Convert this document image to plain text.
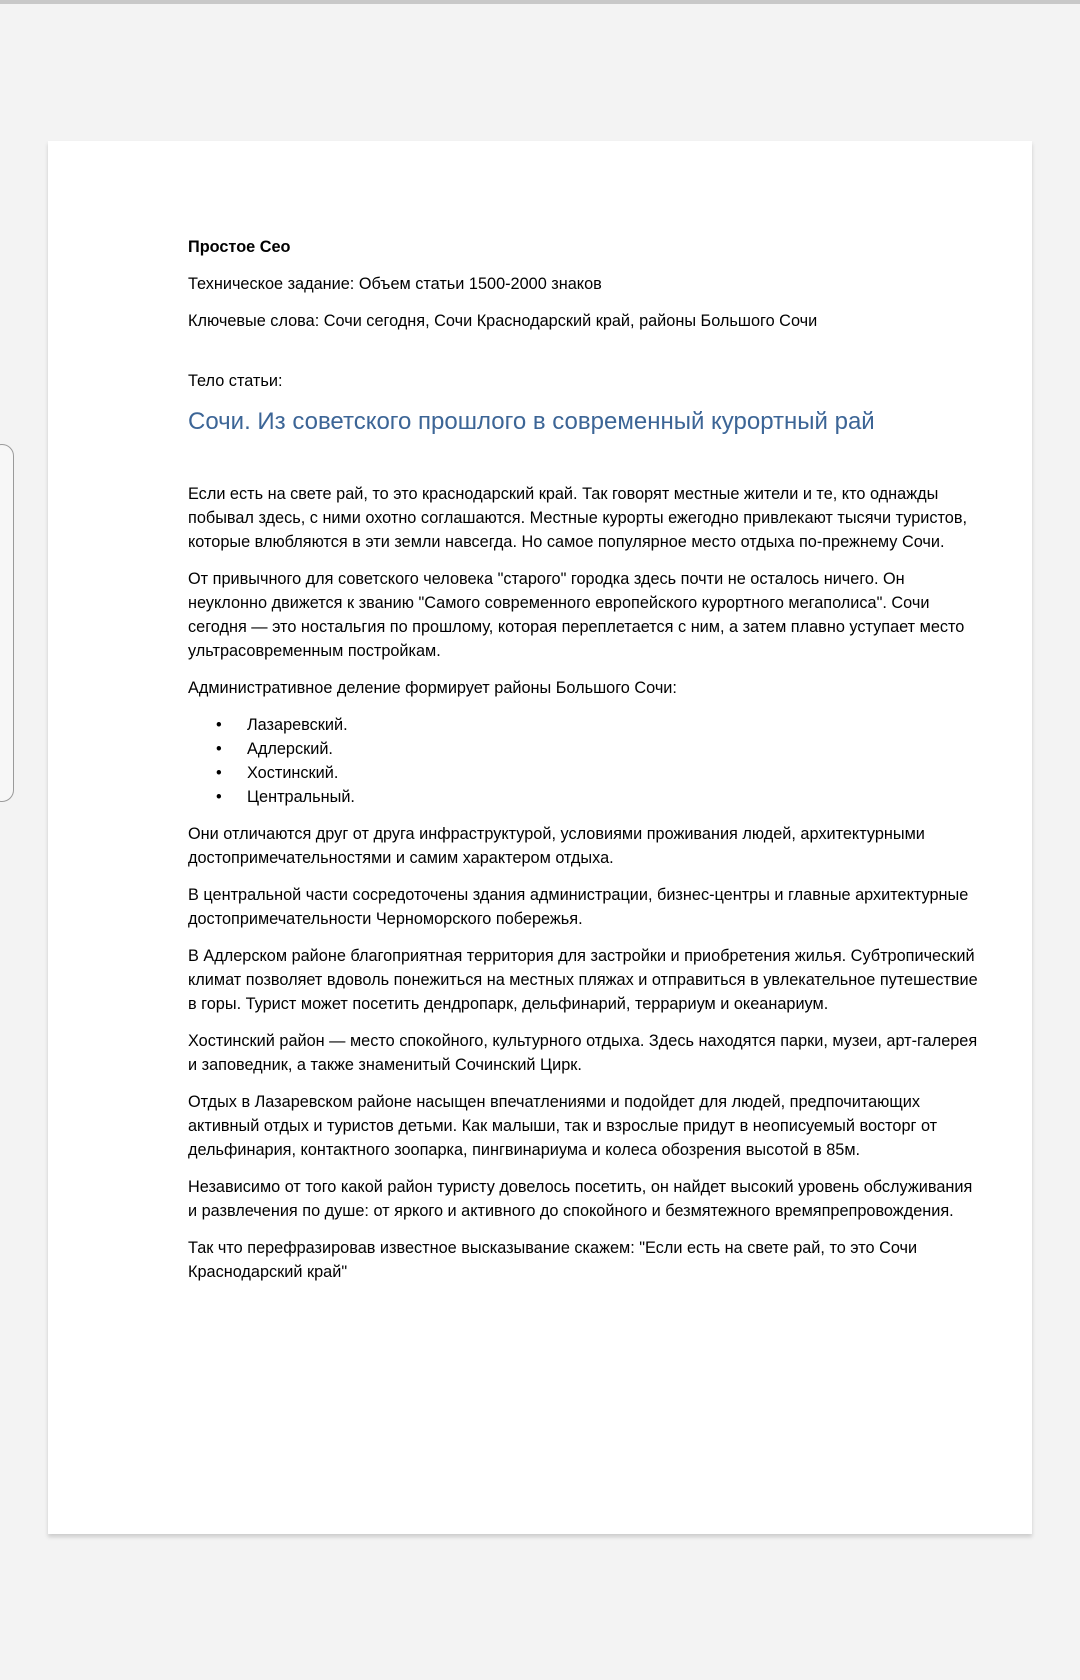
Простое Сео

Техническое задание: Объем статьи 1500-2000 знаков

Ключевые слова: Сочи сегодня, Сочи Краснодарский край, районы Большого Сочи

Тело статьи:

Сочи. Из советского прошлого в современный курортный рай

Если есть на свете рай, то это краснодарский край. Так говорят местные жители и те, кто однажды побывал здесь, с ними охотно соглашаются. Местные курорты ежегодно привлекают тысячи туристов, которые влюбляются в эти земли навсегда. Но самое популярное место отдыха по-прежнему Сочи.

От привычного для советского человека "старого" городка здесь почти не осталось ничего. Он неуклонно движется к званию "Самого современного европейского курортного мегаполиса". Сочи сегодня — это ностальгия по прошлому, которая переплетается с ним, а затем плавно уступает место ультрасовременным постройкам.

Административное деление формирует районы Большого Сочи:

• Лазаревский.
• Адлерский.
• Хостинский.
• Центральный.

Они отличаются друг от друга инфраструктурой, условиями проживания людей, архитектурными достопримечательностями и самим характером отдыха.

В центральной части сосредоточены здания администрации, бизнес-центры и главные архитектурные достопримечательности Черноморского побережья.

В Адлерском районе благоприятная территория для застройки и приобретения жилья. Субтропический климат позволяет вдоволь понежиться на местных пляжах и отправиться в увлекательное путешествие в горы. Турист может посетить дендропарк, дельфинарий, террариум и океанариум.

Хостинский район — место спокойного, культурного отдыха. Здесь находятся парки, музеи, арт-галерея и заповедник, а также знаменитый Сочинский Цирк.

Отдых в Лазаревском районе насыщен впечатлениями и подойдет для людей, предпочитающих активный отдых и туристов детьми. Как малыши, так и взрослые придут в неописуемый восторг от дельфинария, контактного зоопарка, пингвинариума и колеса обозрения высотой в 85м.

Независимо от того какой район туристу довелось посетить, он найдет высокий уровень обслуживания и развлечения по душе: от яркого и активного до спокойного и безмятежного времяпрепровождения.

Так что перефразировав известное высказывание скажем: "Если есть на свете рай, то это Сочи Краснодарский край"
